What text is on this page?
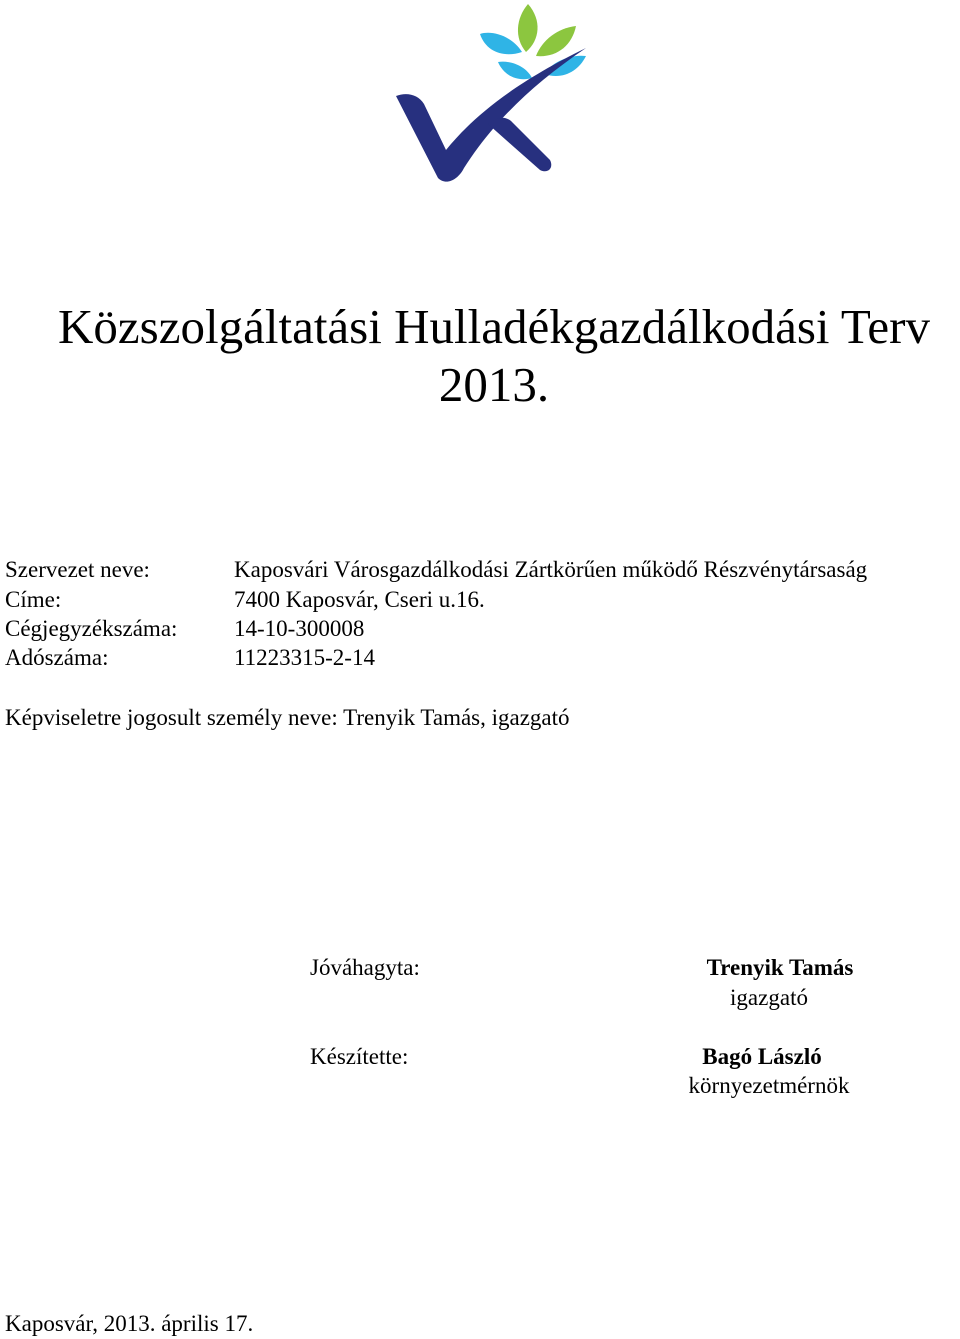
Közszolgáltatási Hulladékgazdálkodási Terv
2013.
Szervezet neve:	Kaposvári Városgazdálkodási Zártkörűen működő Részvénytársaság
Címe:	7400 Kaposvár, Cseri u.16.
Cégjegyzékszáma: 14-10-300008
Adószáma:	11223315-2-14
Képviseletre jogosult személy neve: Trenyik Tamás, igazgató
Jóváhagyta:	Trenyik Tamás
igazgató
Készítette:	Bagó László
környezetmérnök
Kaposvár, 2013. április 17.
